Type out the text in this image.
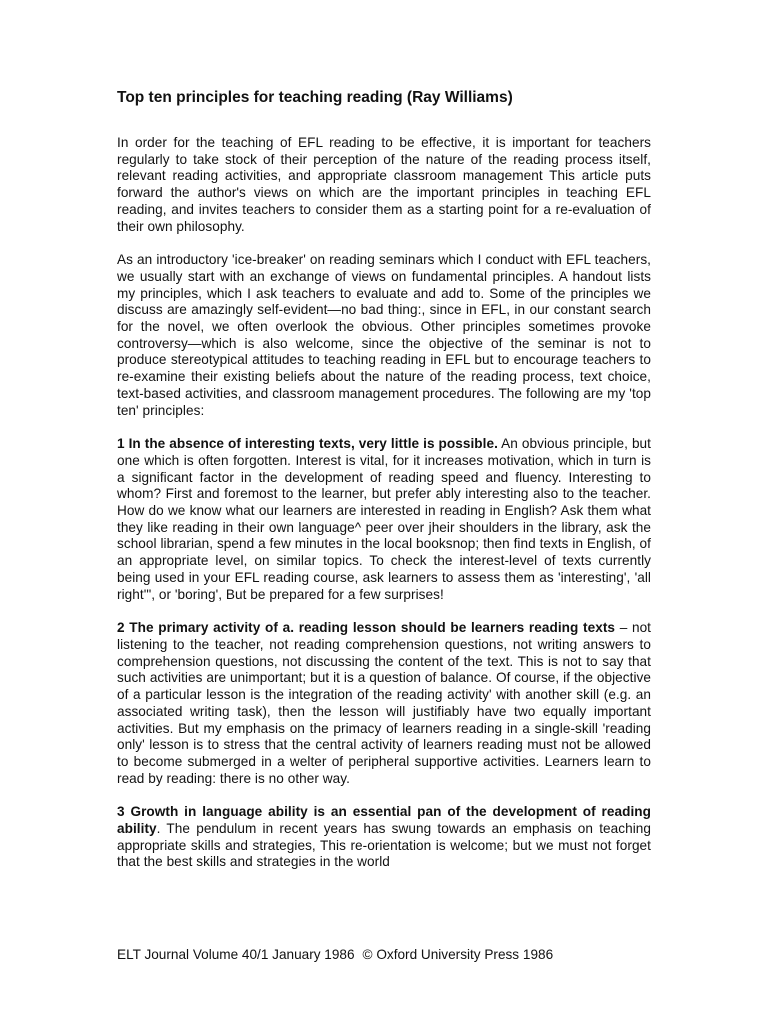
Top ten principles for teaching reading (Ray Williams)

In order for the teaching of EFL reading to be effective, it is important for teachers regularly to take stock of their perception of the nature of the reading process itself, relevant reading activities, and appropriate classroom management This article puts forward the author's views on which are the important principles in teaching EFL reading, and invites teachers to consider them as a starting point for a re-evaluation of their own philosophy.

As an introductory 'ice-breaker' on reading seminars which I conduct with EFL teachers, we usually start with an exchange of views on fundamental principles. A handout lists my principles, which I ask teachers to evaluate and add to. Some of the principles we discuss are amazingly self-evident—no bad thing:, since in EFL, in our constant search for the novel, we often overlook the obvious. Other principles sometimes provoke controversy—which is also welcome, since the objective of the seminar is not to produce stereotypical attitudes to teaching reading in EFL but to encourage teachers to re-examine their existing beliefs about the nature of the reading process, text choice, text-based activities, and classroom management procedures. The following are my 'top ten' principles:

1 In the absence of interesting texts, very little is possible. An obvious principle, but one which is often forgotten. Interest is vital, for it increases motivation, which in turn is a significant factor in the development of reading speed and fluency. Interesting to whom? First and foremost to the learner, but prefer ably interesting also to the teacher. How do we know what our learners are interested in reading in English? Ask them what they like reading in their own language^ peer over jheir shoulders in the library, ask the school librarian, spend a few minutes in the local booksnop; then find texts in English, of an appropriate level, on similar topics. To check the interest-level of texts currently being used in your EFL reading course, ask learners to assess them as 'interesting', 'all right'", or 'boring', But be prepared for a few surprises!

2 The primary activity of a. reading lesson should be learners reading texts – not listening to the teacher, not reading comprehension questions, not writing answers to comprehension questions, not discussing the content of the text. This is not to say that such activities are unimportant; but it is a question of balance. Of course, if the objective of a particular lesson is the integration of the reading activity' with another skill (e.g. an associated writing task), then the lesson will justifiably have two equally important activities. But my emphasis on the primacy of learners reading in a single-skill 'reading only' lesson is to stress that the central activity of learners reading must not be allowed to become submerged in a welter of peripheral supportive activities. Learners learn to read by reading: there is no other way.

3 Growth in language ability is an essential pan of the development of reading ability. The pendulum in recent years has swung towards an emphasis on teaching appropriate skills and strategies, This re-orientation is welcome; but we must not forget that the best skills and strategies in the world

ELT Journal Volume 40/1 January 1986 © Oxford University Press 1986
